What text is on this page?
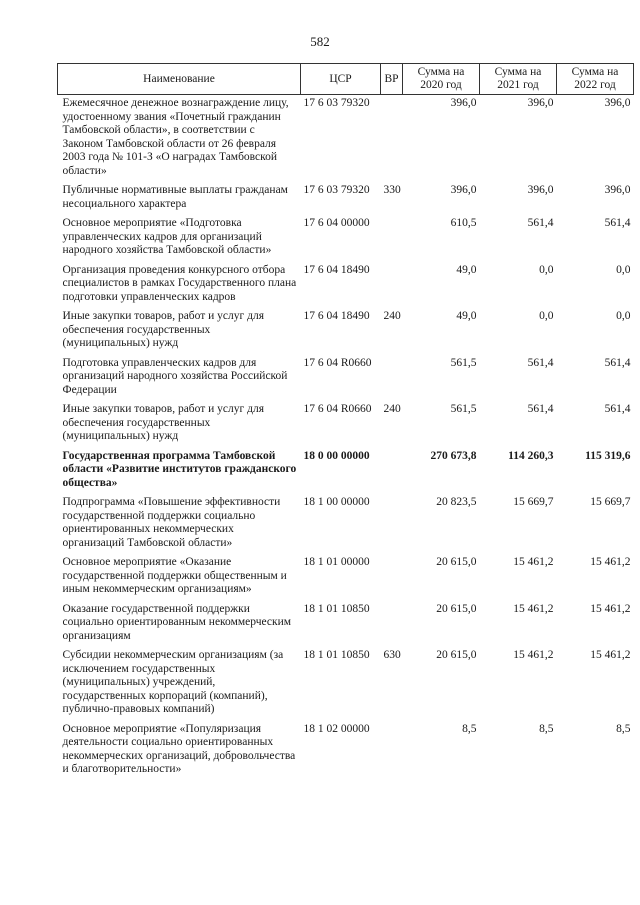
582
Наименование	ЦСР	ВР	Сумма на 2020 год	Сумма на 2021 год	Сумма на 2022 год
Ежемесячное денежное вознаграждение лицу, удостоенному звания «Почетный гражданин Тамбовской области», в соответствии с Законом Тамбовской области от 26 февраля 2003 года № 101-З «О наградах Тамбовской области»	17 6 03 79320		396,0	396,0	396,0
Публичные нормативные выплаты гражданам несоциального характера	17 6 03 79320	330	396,0	396,0	396,0
Основное мероприятие «Подготовка управленческих кадров для организаций народного хозяйства Тамбовской области»	17 6 04 00000		610,5	561,4	561,4
Организация проведения конкурсного отбора специалистов в рамках Государственного плана подготовки управленческих кадров	17 6 04 18490		49,0	0,0	0,0
Иные закупки товаров, работ и услуг для обеспечения государственных (муниципальных) нужд	17 6 04 18490	240	49,0	0,0	0,0
Подготовка управленческих кадров для организаций народного хозяйства Российской Федерации	17 6 04 R0660		561,5	561,4	561,4
Иные закупки товаров, работ и услуг для обеспечения государственных (муниципальных) нужд	17 6 04 R0660	240	561,5	561,4	561,4
Государственная программа Тамбовской области «Развитие институтов гражданского общества»	18 0 00 00000		270 673,8	114 260,3	115 319,6
Подпрограмма «Повышение эффективности государственной поддержки социально ориентированных некоммерческих организаций Тамбовской области»	18 1 00 00000		20 823,5	15 669,7	15 669,7
Основное мероприятие «Оказание государственной поддержки общественным и иным некоммерческим организациям»	18 1 01 00000		20 615,0	15 461,2	15 461,2
Оказание государственной поддержки социально ориентированным некоммерческим организациям	18 1 01 10850		20 615,0	15 461,2	15 461,2
Субсидии некоммерческим организациям (за исключением государственных (муниципальных) учреждений, государственных корпораций (компаний), публично-правовых компаний)	18 1 01 10850	630	20 615,0	15 461,2	15 461,2
Основное мероприятие «Популяризация деятельности социально ориентированных некоммерческих организаций, добровольчества и благотворительности»	18 1 02 00000		8,5	8,5	8,5
